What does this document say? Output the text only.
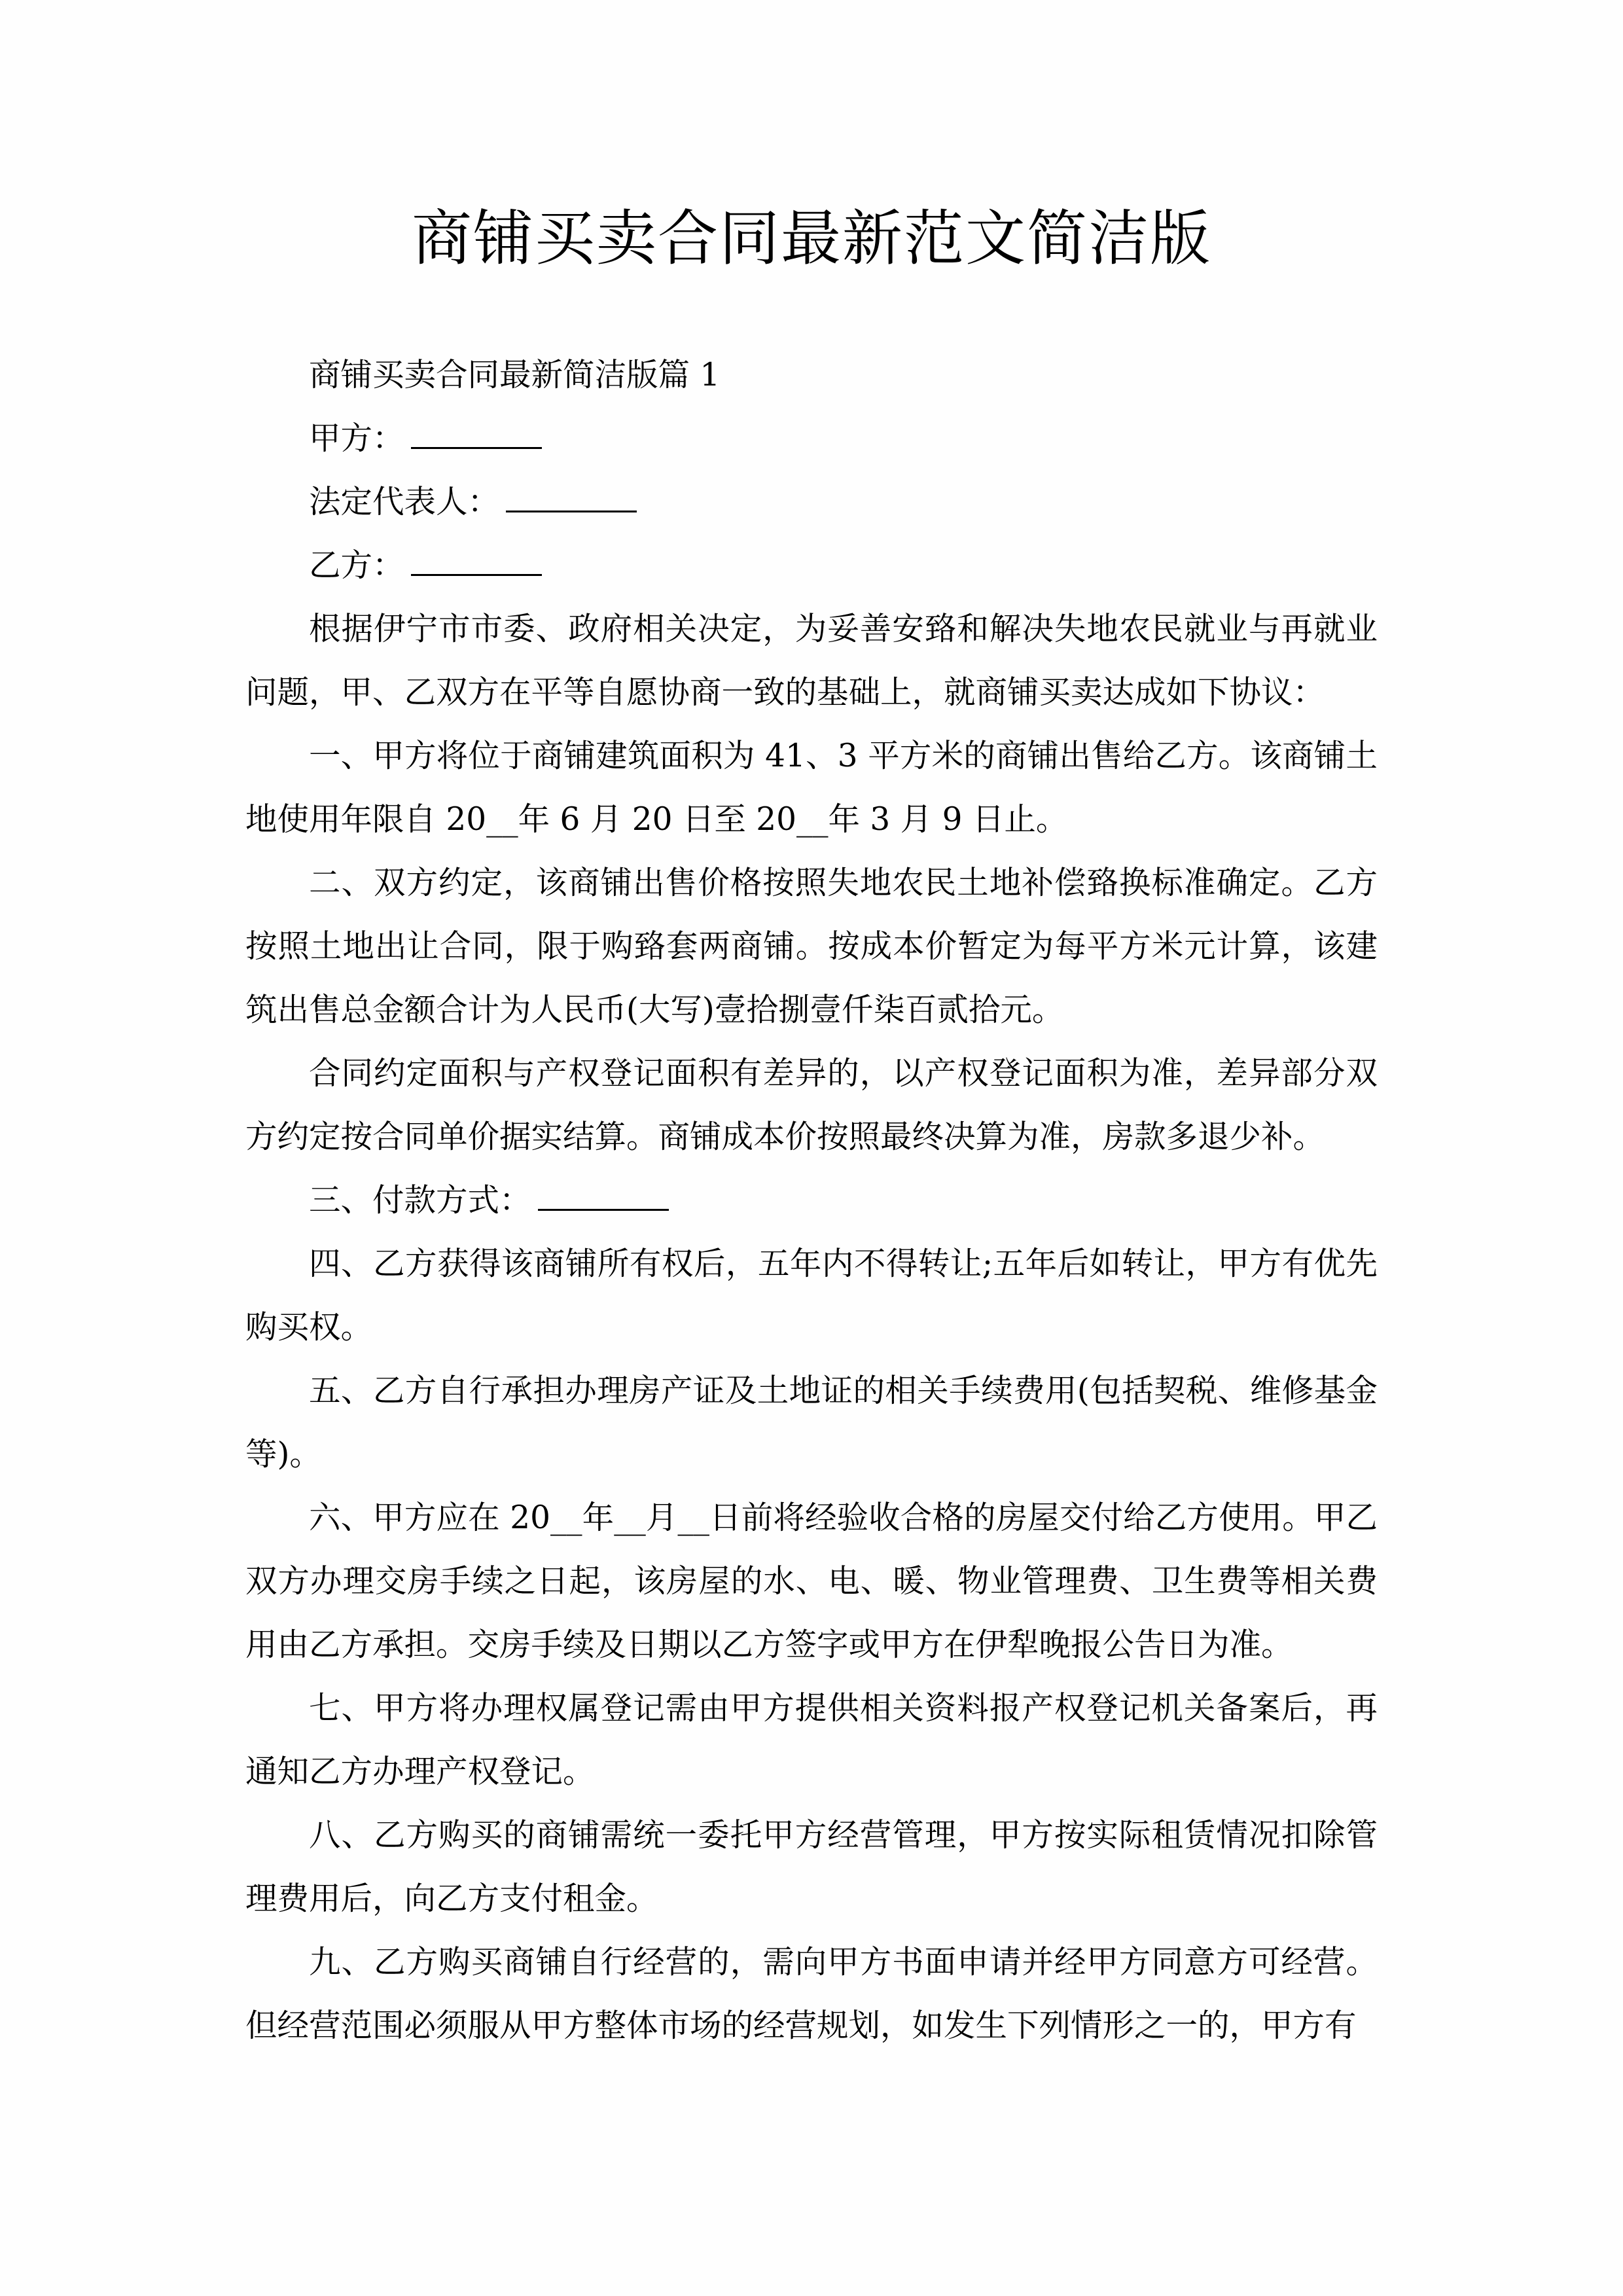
商铺买卖合同最新范文简洁版

商铺买卖合同最新简洁版篇 1

甲方：

法定代表人：

乙方：

根据伊宁市市委、政府相关决定，为妥善安臵和解决失地农民就业与再就业问题，甲、乙双方在平等自愿协商一致的基础上，就商铺买卖达成如下协议：

一、甲方将位于商铺建筑面积为 41、3 平方米的商铺出售给乙方。该商铺土地使用年限自 20__年 6 月 20 日至 20__年 3 月 9 日止。

二、双方约定，该商铺出售价格按照失地农民土地补偿臵换标准确定。乙方按照土地出让合同，限于购臵套两商铺。按成本价暂定为每平方米元计算，该建筑出售总金额合计为人民币(大写)壹拾捌壹仟柒百贰拾元。

合同约定面积与产权登记面积有差异的，以产权登记面积为准，差异部分双方约定按合同单价据实结算。商铺成本价按照最终决算为准，房款多退少补。

三、付款方式：

四、乙方获得该商铺所有权后，五年内不得转让;五年后如转让，甲方有优先购买权。

五、乙方自行承担办理房产证及土地证的相关手续费用(包括契税、维修基金等)。

六、甲方应在 20__年__月__日前将经验收合格的房屋交付给乙方使用。甲乙双方办理交房手续之日起，该房屋的水、电、暖、物业管理费、卫生费等相关费用由乙方承担。交房手续及日期以乙方签字或甲方在伊犁晚报公告日为准。

七、甲方将办理权属登记需由甲方提供相关资料报产权登记机关备案后，再通知乙方办理产权登记。

八、乙方购买的商铺需统一委托甲方经营管理，甲方按实际租赁情况扣除管理费用后，向乙方支付租金。

九、乙方购买商铺自行经营的，需向甲方书面申请并经甲方同意方可经营。但经营范围必须服从甲方整体市场的经营规划，如发生下列情形之一的，甲方有
